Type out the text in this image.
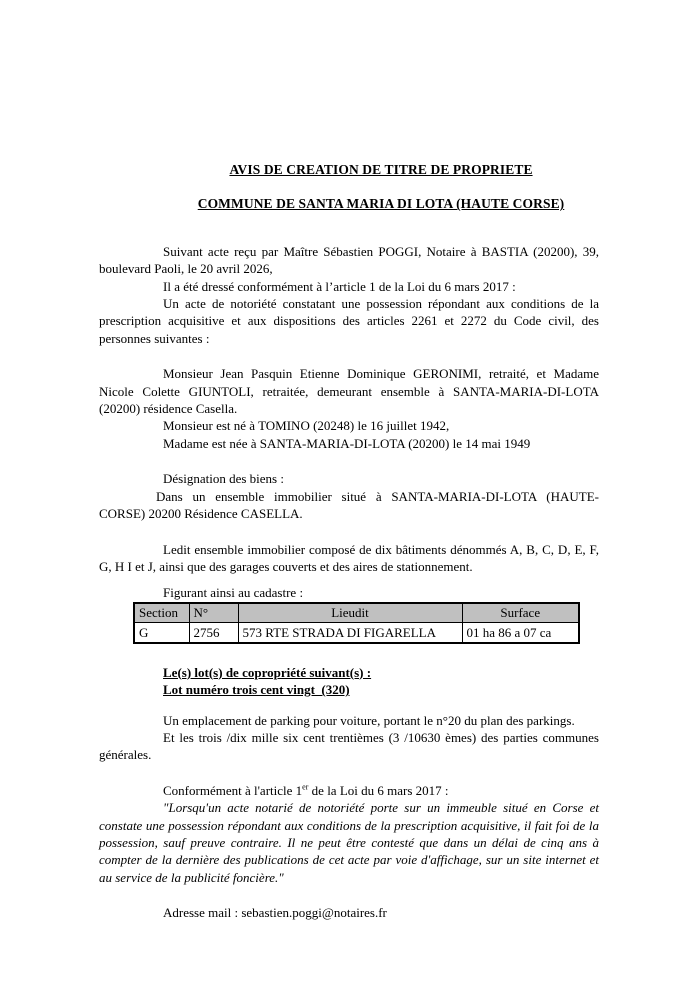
AVIS DE CREATION DE TITRE DE PROPRIETE

COMMUNE DE SANTA MARIA DI LOTA (HAUTE CORSE)

Suivant acte reçu par Maître Sébastien POGGI, Notaire à BASTIA (20200), 39, boulevard Paoli, le 20 avril 2026,

Il a été dressé conformément à l’article 1 de la Loi du 6 mars 2017 :

Un acte de notoriété constatant une possession répondant aux conditions de la prescription acquisitive et aux dispositions des articles 2261 et 2272 du Code civil, des personnes suivantes :

Monsieur Jean Pasquin Etienne Dominique GERONIMI, retraité, et Madame Nicole Colette GIUNTOLI, retraitée, demeurant ensemble à SANTA-MARIA-DI-LOTA (20200) résidence Casella.

Monsieur est né à TOMINO (20248) le 16 juillet 1942,

Madame est née à SANTA-MARIA-DI-LOTA (20200) le 14 mai 1949

Désignation des biens :

Dans un ensemble immobilier situé à SANTA-MARIA-DI-LOTA (HAUTE-CORSE) 20200 Résidence CASELLA.

Ledit ensemble immobilier composé de dix bâtiments dénommés A, B, C, D, E, F, G, H I et J, ainsi que des garages couverts et des aires de stationnement.

Figurant ainsi au cadastre :

Section	N°	Lieudit	Surface
G	2756	573 RTE STRADA DI FIGARELLA	01 ha 86 a 07 ca

Le(s) lot(s) de copropriété suivant(s) :

Lot numéro trois cent vingt  (320)

Un emplacement de parking pour voiture, portant le n°20 du plan des parkings.

Et les trois /dix mille six cent trentièmes (3 /10630 èmes) des parties communes générales.

Conformément à l'article 1er de la Loi du 6 mars 2017 :

"Lorsqu'un acte notarié de notoriété porte sur un immeuble situé en Corse et constate une possession répondant aux conditions de la prescription acquisitive, il fait foi de la possession, sauf preuve contraire. Il ne peut être contesté que dans un délai de cinq ans à compter de la dernière des publications de cet acte par voie d'affichage, sur un site internet et au service de la publicité foncière."

Adresse mail : sebastien.poggi@notaires.fr
